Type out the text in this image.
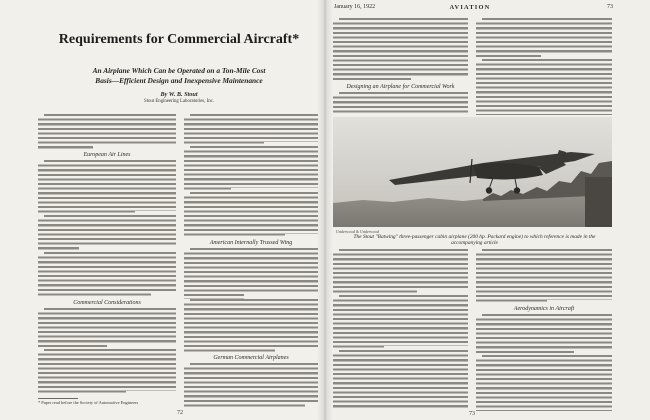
Requirements for Commercial Aircraft*
An Airplane Which Can be Operated on a Ton-Mile Cost
Basis—Efficient Design and Inexpensive Maintenance
By W. B. Stout
Stout Engineering Laboratories, Inc.
European Air Lines
Commercial Considerations
* Paper read before the Society of Automotive Engineers
American Internally Trussed Wing
German Commercial Airplanes
72
January 16, 1922	AVIATION	73
Designing an Airplane for Commercial Work
Underwood & Underwood
The Stout "Batwing" three-passenger cabin airplane (200 hp. Packard engine) to which reference is made in the accompanying article
Aerodynamics in Aircraft
73
